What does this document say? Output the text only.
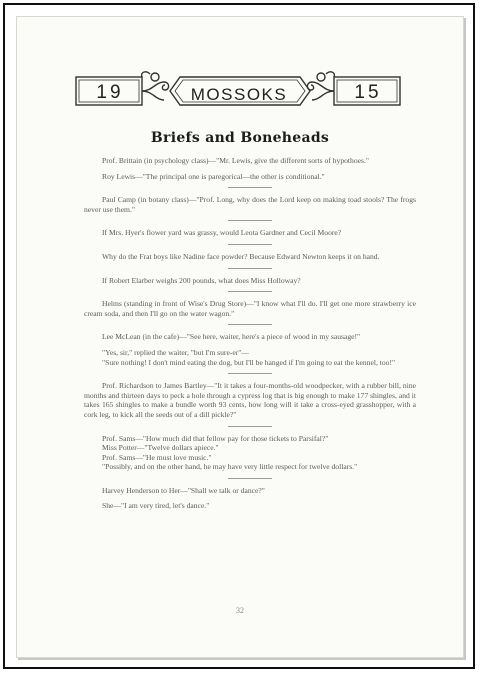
19	MOSSOKS	15
Briefs and Boneheads

Prof. Brittain (in psychology class)—"Mr. Lewis, give the different sorts of hypothoes."

Roy Lewis—"The principal one is paregorical—the other is conditional."

Paul Camp (in botany class)—"Prof. Long, why does the Lord keep on making toad stools? The frogs never use them."

If Mrs. Hyer's flower yard was grassy, would Leota Gardner and Cecil Moore?

Why do the Frat boys like Nadine face powder? Because Edward Newton keeps it on hand.

If Robert Elarber weighs 200 pounds, what does Miss Holloway?

Helms (standing in front of Wise's Drug Store)—"I know what I'll do. I'll get one more strawberry ice cream soda, and then I'll go on the water wagon."

Lee McLean (in the cafe)—"See here, waiter, here's a piece of wood in my sausage!"

"Yes, sir," replied the waiter, "but I'm sure-er"—

"Sure nothing! I don't mind eating the dog, but I'll be hanged if I'm going to eat the kennel, too!"

Prof. Richardson to James Bartley—"It it takes a four-months-old woodpecker, with a rubber bill, nine months and thirteen days to peck a hole through a cypress log that is big enough to make 177 shingles, and it takes 165 shingles to make a bundle worth 93 cents, how long will it take a cross-eyed grasshopper, with a cork leg, to kick all the seeds out of a dill pickle?"

Prof. Sams—"How much did that fellow pay for those tickets to Parsifal?"

Miss Potter—"Twelve dollars apiece."

Prof. Sams—"He must love music."

"Possibly, and on the other hand, he may have very little respect for twelve dollars."

Harvey Henderson to Her—"Shall we talk or dance?"

She—"I am very tired, let's dance."

32
